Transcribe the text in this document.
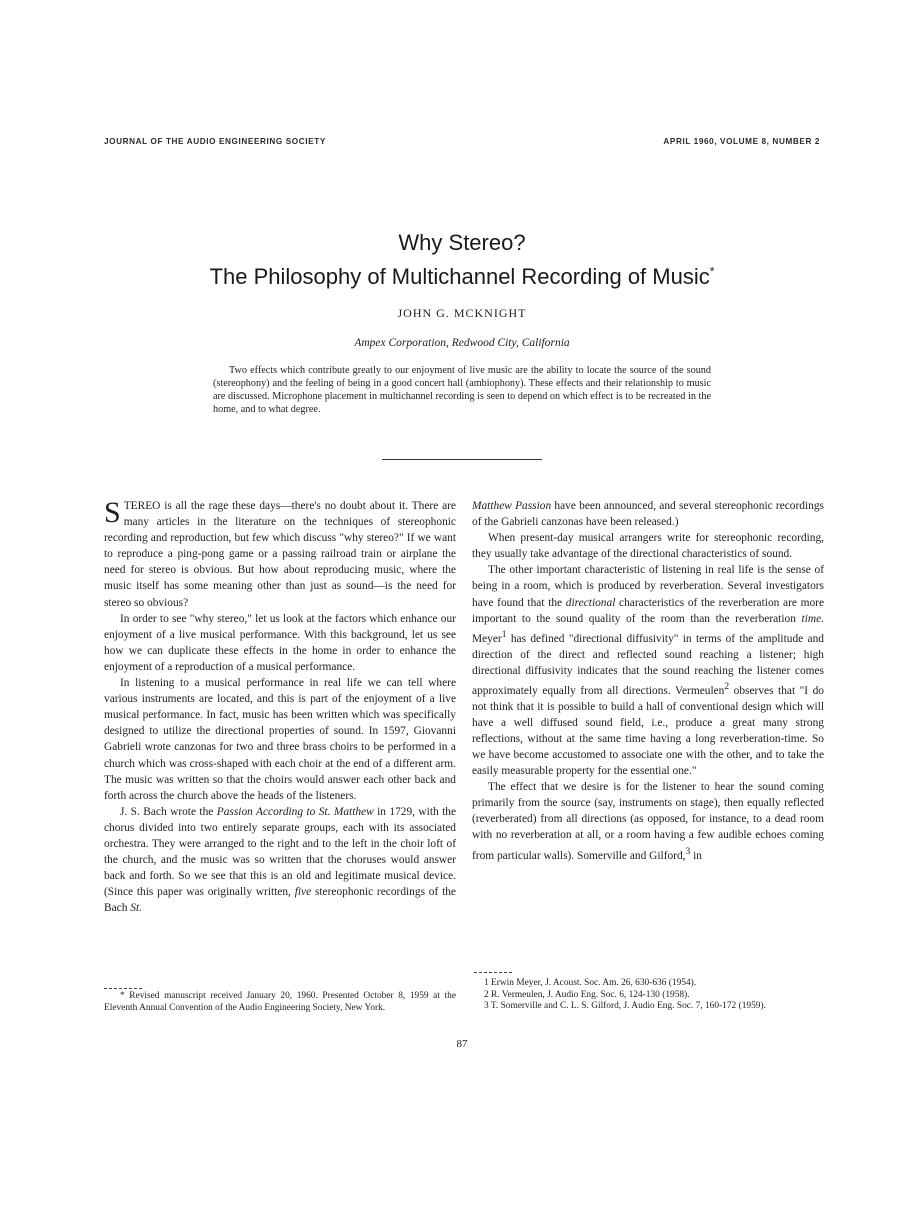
JOURNAL OF THE AUDIO ENGINEERING SOCIETY	APRIL 1960, VOLUME 8, NUMBER 2
Why Stereo?
The Philosophy of Multichannel Recording of Music*
JOHN G. MCKNIGHT
Ampex Corporation, Redwood City, California

Two effects which contribute greatly to our enjoyment of live music are the ability to locate the source of the sound (stereophony) and the feeling of being in a good concert hall (ambiophony). These effects and their relationship to music are discussed. Microphone placement in multichannel recording is seen to depend on which effect is to be recreated in the home, and to what degree.

STEREO is all the rage these days—there's no doubt about it. There are many articles in the literature on the techniques of stereophonic recording and reproduction, but few which discuss "why stereo?" If we want to reproduce a ping-pong game or a passing railroad train or airplane the need for stereo is obvious. But how about reproducing music, where the music itself has some meaning other than just as sound—is the need for stereo so obvious?

In order to see "why stereo," let us look at the factors which enhance our enjoyment of a live musical performance. With this background, let us see how we can duplicate these effects in the home in order to enhance the enjoyment of a reproduction of a musical performance.

In listening to a musical performance in real life we can tell where various instruments are located, and this is part of the enjoyment of a live musical performance. In fact, music has been written which was specifically designed to utilize the directional properties of sound. In 1597, Giovanni Gabrieli wrote canzonas for two and three brass choirs to be performed in a church which was cross-shaped with each choir at the end of a different arm. The music was written so that the choirs would answer each other back and forth across the church above the heads of the listeners.

J. S. Bach wrote the Passion According to St. Matthew in 1729, with the chorus divided into two entirely separate groups, each with its associated orchestra. They were arranged to the right and to the left in the choir loft of the church, and the music was so written that the choruses would answer back and forth. So we see that this is an old and legitimate musical device. (Since this paper was originally written, five stereophonic recordings of the Bach St.

Matthew Passion have been announced, and several stereophonic recordings of the Gabrieli canzonas have been released.)

When present-day musical arrangers write for stereophonic recording, they usually take advantage of the directional characteristics of sound.

The other important characteristic of listening in real life is the sense of being in a room, which is produced by reverberation. Several investigators have found that the directional characteristics of the reverberation are more important to the sound quality of the room than the reverberation time. Meyer$^1$ has defined "directional diffusivity" in terms of the amplitude and direction of the direct and reflected sound reaching a listener; high directional diffusivity indicates that the sound reaching the listener comes approximately equally from all directions. Vermeulen$^2$ observes that "I do not think that it is possible to build a hall of conventional design which will have a well diffused sound field, i.e., produce a great many strong reflections, without at the same time having a long reverberation-time. So we have become accustomed to associate one with the other, and to take the easily measurable property for the essential one."

The effect that we desire is for the listener to hear the sound coming primarily from the source (say, instruments on stage), then equally reflected (reverberated) from all directions (as opposed, for instance, to a dead room with no reverberation at all, or a room having a few audible echoes coming from particular walls). Somerville and Gilford,$^3$ in

* Revised manuscript received January 20, 1960. Presented October 8, 1959 at the Eleventh Annual Convention of the Audio Engineering Society, New York.

1 Erwin Meyer, J. Acoust. Soc. Am. 26, 630-636 (1954).

2 R. Vermeulen, J. Audio Eng. Soc. 6, 124-130 (1958).

3 T. Somerville and C. L. S. Gilford, J. Audio Eng. Soc. 7, 160-172 (1959).

87
